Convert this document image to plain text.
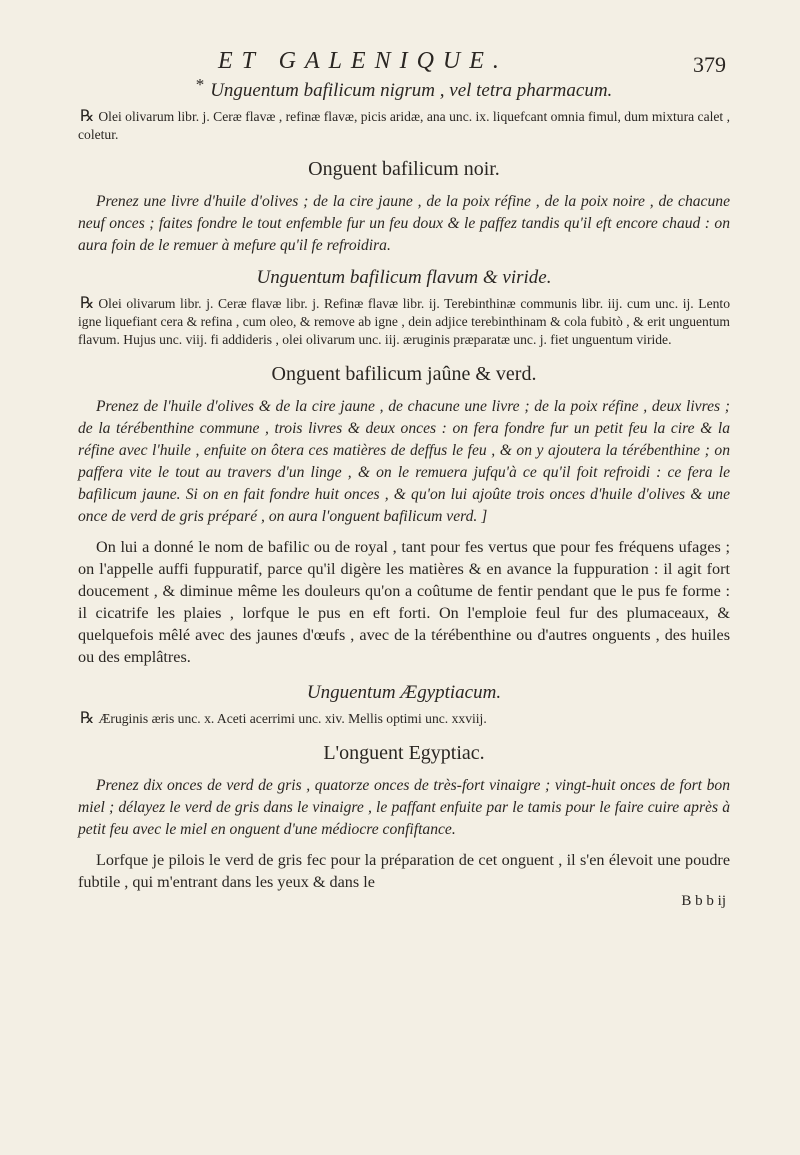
ET GALENIQUE.	379
* Unguentum bafilicum nigrum , vel tetra pharmacum.

℞ Olei olivarum libr. j. Ceræ flavæ , refinæ flavæ, picis aridæ, ana unc. ix. liquefcant omnia fimul, dum mixtura calet , coletur.

Onguent bafilicum noir.

Prenez une livre d'huile d'olives ; de la cire jaune , de la poix réfine , de la poix noire , de chacune neuf onces ; faites fondre le tout enfemble fur un feu doux & le paffez tandis qu'il eft encore chaud : on aura foin de le remuer à mefure qu'il fe refroidira.

Unguentum bafilicum flavum & viride.

℞ Olei olivarum libr. j. Ceræ flavæ libr. j. Refinæ flavæ libr. ij. Terebinthinæ communis libr. iij. cum unc. ij. Lento igne liquefiant cera & refina , cum oleo, & remove ab igne , dein adjice terebinthinam & cola fubitò , & erit unguentum flavum. Hujus unc. viij. fi addideris , olei olivarum unc. iij. æruginis præparatæ unc. j. fiet unguentum viride.

Onguent bafilicum jaûne & verd.

Prenez de l'huile d'olives & de la cire jaune , de chacune une livre ; de la poix réfine , deux livres ; de la térébenthine commune , trois livres & deux onces : on fera fondre fur un petit feu la cire & la réfine avec l'huile , enfuite on ôtera ces matières de deffus le feu , & on y ajoutera la térébenthine ; on paffera vite le tout au travers d'un linge , & on le remuera jufqu'à ce qu'il foit refroidi : ce fera le bafilicum jaune. Si on en fait fondre huit onces , & qu'on lui ajoûte trois onces d'huile d'olives & une once de verd de gris préparé , on aura l'onguent bafilicum verd. ]

On lui a donné le nom de bafilic ou de royal , tant pour fes vertus que pour fes fréquens ufages ; on l'appelle auffi fuppuratif, parce qu'il digère les matières & en avance la fuppuration : il agit fort doucement , & diminue même les douleurs qu'on a coûtume de fentir pendant que le pus fe forme : il cicatrife les plaies , lorfque le pus en eft forti. On l'emploie feul fur des plumaceaux, & quelquefois mêlé avec des jaunes d'œufs , avec de la térébenthine ou d'autres onguents , des huiles ou des emplâtres.

Unguentum Ægyptiacum.

℞ Æruginis æris unc. x. Aceti acerrimi unc. xiv. Mellis optimi unc. xxviij.

L'onguent Egyptiac.

Prenez dix onces de verd de gris , quatorze onces de très-fort vinaigre ; vingt-huit onces de fort bon miel ; délayez le verd de gris dans le vinaigre , le paffant enfuite par le tamis pour le faire cuire après à petit feu avec le miel en onguent d'une médiocre confiftance.

Lorfque je pilois le verd de gris fec pour la préparation de cet onguent , il s'en élevoit une poudre fubtile , qui m'entrant dans les yeux & dans le

B b b ij
